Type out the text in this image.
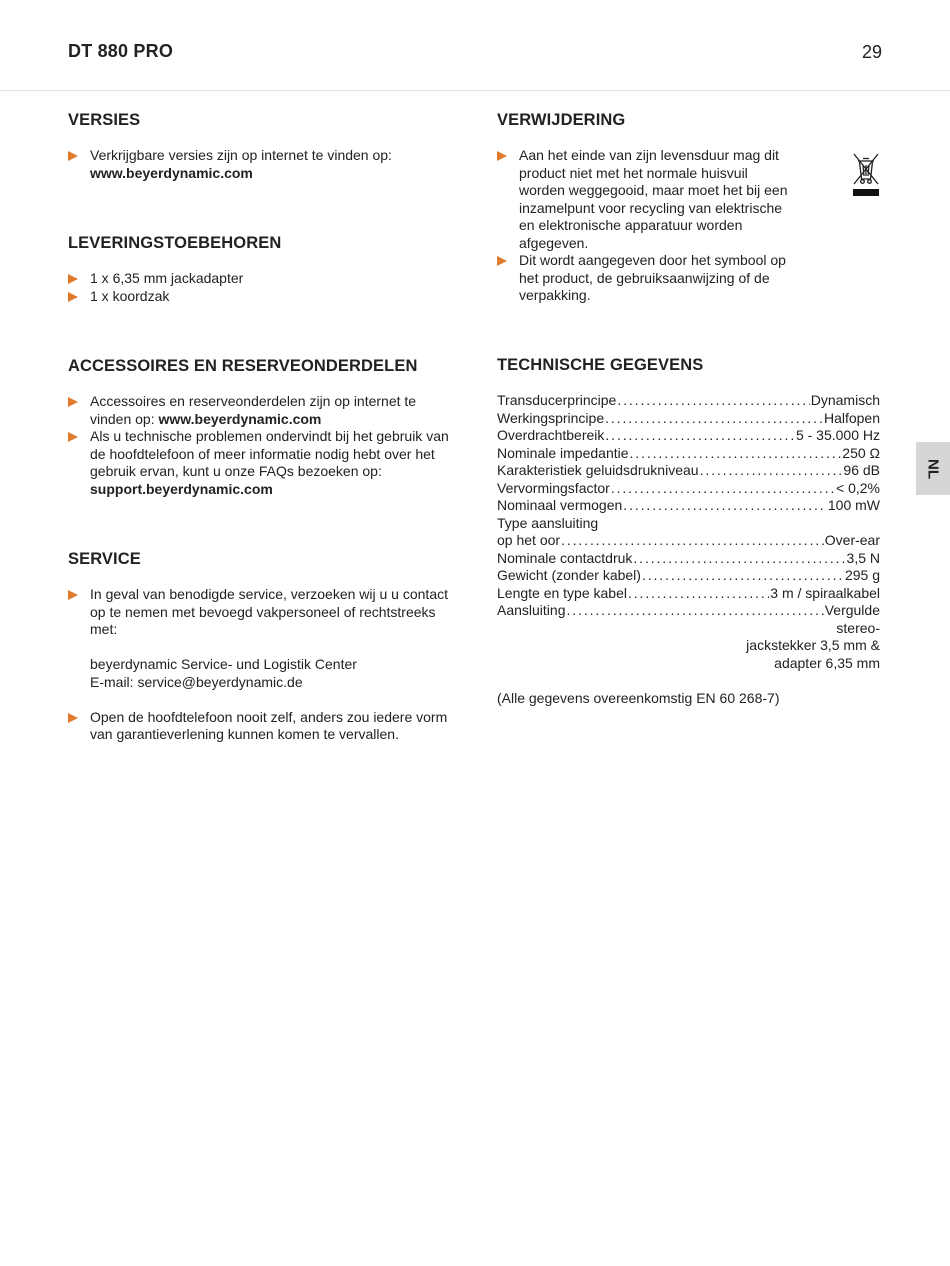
DT 880 PRO	29
NL
VERSIES
Verkrijgbare versies zijn op internet te vinden op:
www.beyerdynamic.com
LEVERINGSTOEBEHOREN
1 x 6,35 mm jackadapter
1 x koordzak
ACCESSOIRES EN RESERVEONDERDELEN
Accessoires en reserveonderdelen zijn op internet te vinden op: www.beyerdynamic.com
Als u technische problemen ondervindt bij het gebruik van de hoofdtelefoon of meer informatie nodig hebt over het gebruik ervan, kunt u onze FAQs bezoeken op: support.beyerdynamic.com
SERVICE
In geval van benodigde service, verzoeken wij u u contact op te nemen met bevoegd vakpersoneel of rechtstreeks met:
beyerdynamic Service- und Logistik Center
E-mail: service@beyerdynamic.de
Open de hoofdtelefoon nooit zelf, anders zou iedere vorm van garantieverlening kunnen komen te vervallen.
VERWIJDERING
Aan het einde van zijn levensduur mag dit product niet met het normale huisvuil worden weggegooid, maar moet het bij een inzamelpunt voor recycling van elektrische en elektronische apparatuur worden afgegeven.
Dit wordt aangegeven door het symbool op het product, de gebruiksaanwijzing of de verpakking.
TECHNISCHE GEGEVENS
Transducerprincipe . . .	Dynamisch
Werkingsprincipe . . .	Halfopen
Overdrachtbereik . . .	5 - 35.000 Hz
Nominale impedantie . . .	250 Ω
Karakteristiek geluidsdrukniveau . . .	96 dB
Vervormingsfactor . . .	< 0,2%
Nominaal vermogen . . .	100 mW
Type aansluiting
op het oor . . .	Over-ear
Nominale contactdruk . . .	3,5 N
Gewicht (zonder kabel) . . .	295 g
Lengte en type kabel . . .	3 m / spiraalkabel
Aansluiting . . .	Vergulde
stereo-
jackstekker 3,5 mm &
adapter 6,35 mm
(Alle gegevens overeenkomstig EN 60 268-7)
